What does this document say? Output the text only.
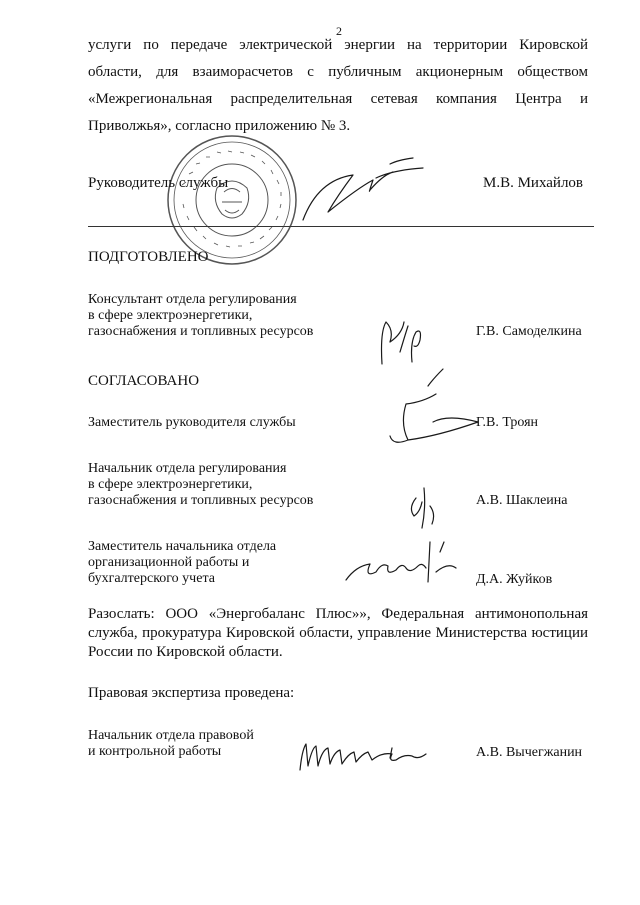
2
услуги по передаче электрической энергии на территории Кировской
области, для взаиморасчетов с публичным акционерным обществом
«Межрегиональная распределительная сетевая компания Центра и
Приволжья», согласно приложению № 3.
Руководитель службы	М.В. Михайлов
ПОДГОТОВЛЕНО
Консультант отдела регулирования
в сфере электроэнергетики,
газоснабжения и топливных ресурсов	Г.В. Самоделкина
СОГЛАСОВАНО
Заместитель руководителя службы	Г.В. Троян
Начальник отдела регулирования
в сфере электроэнергетики,
газоснабжения и топливных ресурсов	А.В. Шаклеина
Заместитель начальника отдела
организационной работы и
бухгалтерского учета	Д.А. Жуйков
Разослать: ООО «Энергобаланс Плюс»», Федеральная антимонопольная
служба, прокуратура Кировской области, управление Министерства юстиции
России по Кировской области.
Правовая экспертиза проведена:
Начальник отдела правовой
и контрольной работы	А.В. Вычегжанин
